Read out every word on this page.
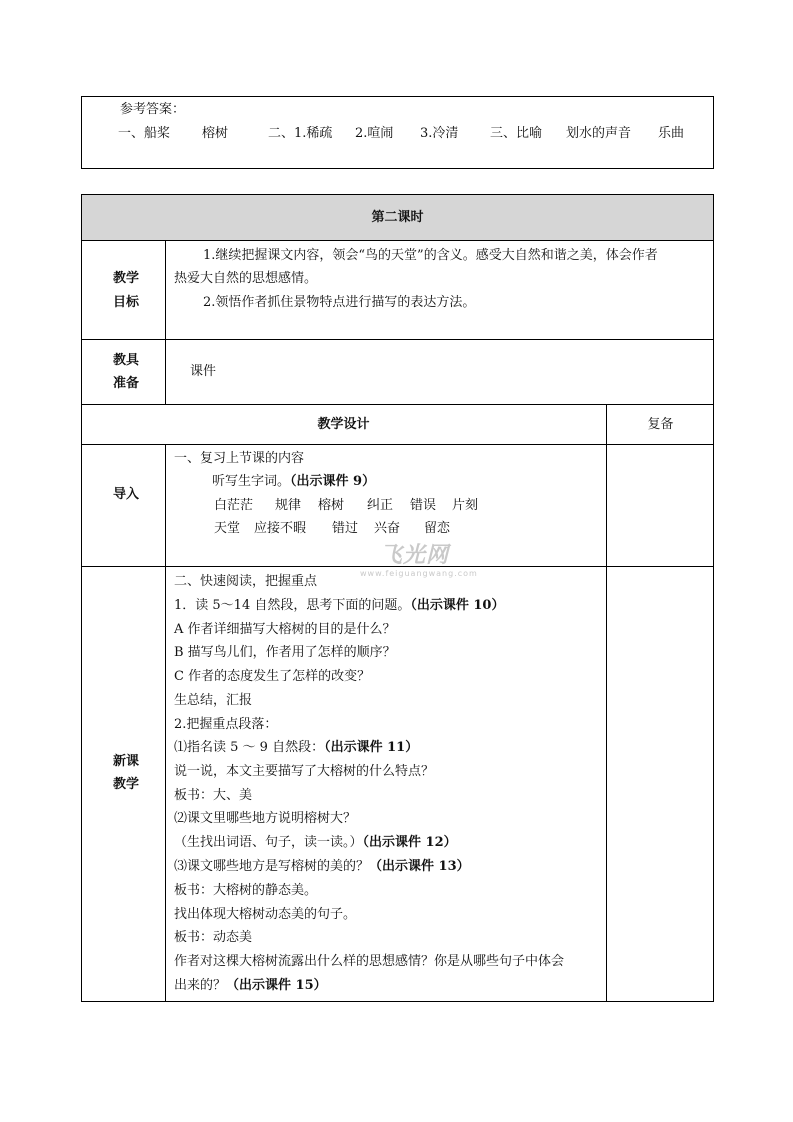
参考答案：
一、船桨 榕树	二、1.稀疏 2.喧闹 3.冷清 三、比喻 划水的声音 乐曲
第二课时
教学
目标
1.继续把握课文内容，领会“鸟的天堂”的含义。感受大自然和谐之美，体会作者
热爱大自然的思想感情。
2.领悟作者抓住景物特点进行描写的表达方法。
教具
准备
课件
教学设计	复备
导入
一、复习上节课的内容
听写生字词。（出示课件 9）
白茫茫 规律 榕树 纠正 错误 片刻
天堂 应接不暇 错过 兴奋 留恋
新课
教学
二、快速阅读，把握重点
1．读 5～14 自然段，思考下面的问题。（出示课件 10）
A 作者详细描写大榕树的目的是什么？
B 描写鸟儿们，作者用了怎样的顺序？
C 作者的态度发生了怎样的改变？
生总结，汇报
2.把握重点段落：
⑴指名读 5 ～ 9 自然段：（出示课件 11）
说一说，本文主要描写了大榕树的什么特点？
板书：大、美
⑵课文里哪些地方说明榕树大？
（生找出词语、句子，读一读。）（出示课件 12）
⑶课文哪些地方是写榕树的美的？（出示课件 13）
板书：大榕树的静态美。
找出体现大榕树动态美的句子。
板书：动态美
作者对这棵大榕树流露出什么样的思想感情？你是从哪些句子中体会
出来的？（出示课件 15）
飞光网
www.feiguangwang.com
